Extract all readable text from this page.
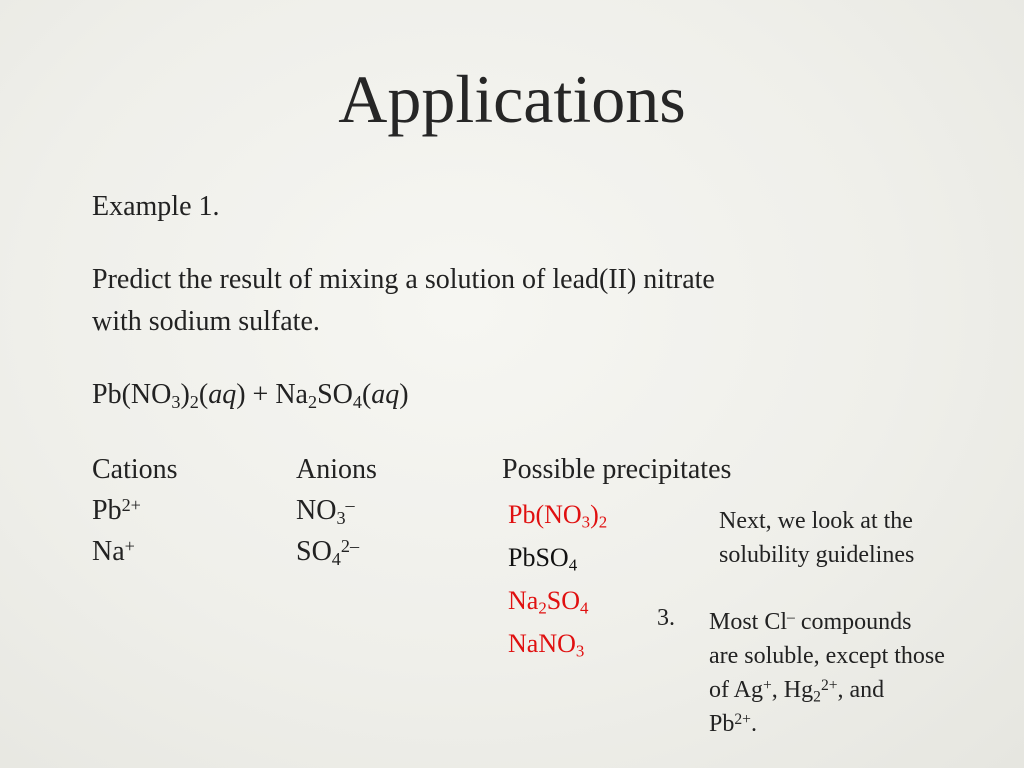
Applications
Example 1.
Predict the result of mixing a solution of lead(II) nitrate
with sodium sulfate.
$Pb(NO_3)_2(aq) + Na_2SO_4(aq)$
Cations	Anions	Possible precipitates
$Pb^{2+}$
Na+
$NO_3^-$
$SO_4^{2-}$
$Pb(NO_3)_2$
PbSO$_4$
$Na_2SO_4$
NaNO$_3$
Next, we look at the
solubility guidelines
3. Most Cl– compounds
are soluble, except those
of Ag+, $Hg_2^{2+}$, and
$Pb^{2+}$.
